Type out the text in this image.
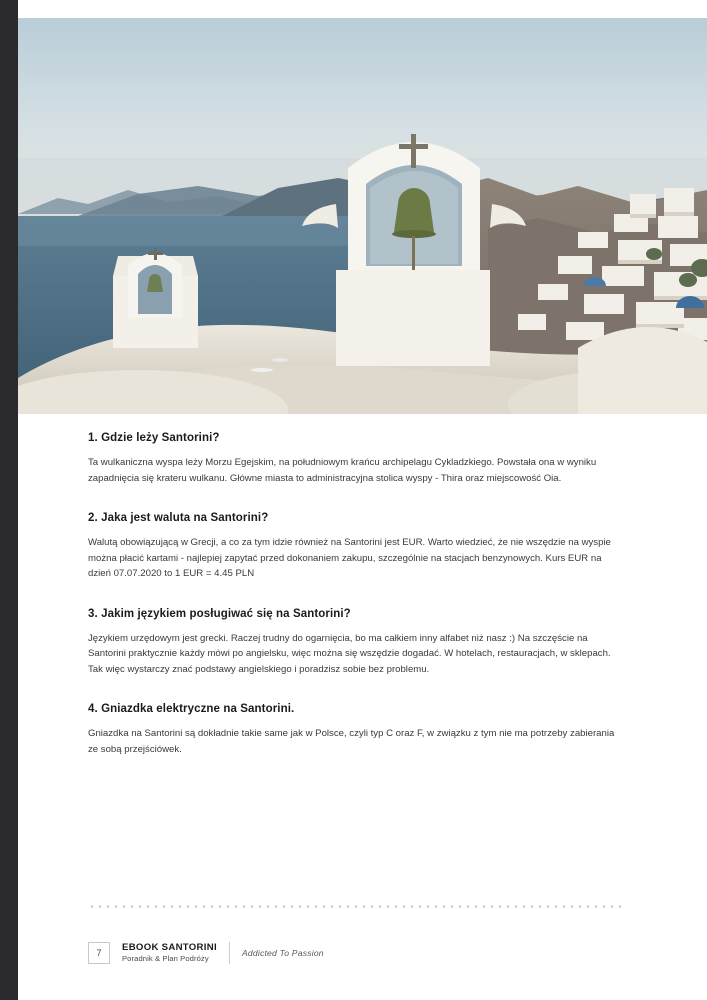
1. Gdzie leży Santorini?

Ta wulkaniczna wyspa leży Morzu Egejskim, na południowym krańcu archipelagu Cykladzkiego. Powstała ona w wyniku zapadnięcia się krateru wulkanu. Główne miasta to administracyjna stolica wyspy - Thira oraz miejscowość Oia.

2. Jaka jest waluta na Santorini?

Walutą obowiązującą w Grecji, a co za tym idzie również na Santorini jest EUR. Warto wiedzieć, że nie wszędzie na wyspie można płacić kartami - najlepiej zapytać przed dokonaniem zakupu, szczególnie na stacjach benzynowych. Kurs EUR na dzień 07.07.2020 to 1 EUR = 4.45 PLN

3. Jakim językiem posługiwać się na Santorini?

Językiem urzędowym jest grecki. Raczej trudny do ogarnięcia, bo ma całkiem inny alfabet niż nasz :) Na szczęście na Santorini praktycznie każdy mówi po angielsku, więc można się wszędzie dogadać. W hotelach, restauracjach, w sklepach. Tak więc wystarczy znać podstawy angielskiego i poradzisz sobie bez problemu.

4. Gniazdka elektryczne na Santorini.

Gniazdka na Santorini są dokładnie takie same jak w Polsce, czyli typ C oraz F, w związku z tym nie ma potrzeby zabierania ze sobą przejściówek.

7	EBOOK SANTORINI
Poradnik & Plan Podróży
Addicted To Passion
